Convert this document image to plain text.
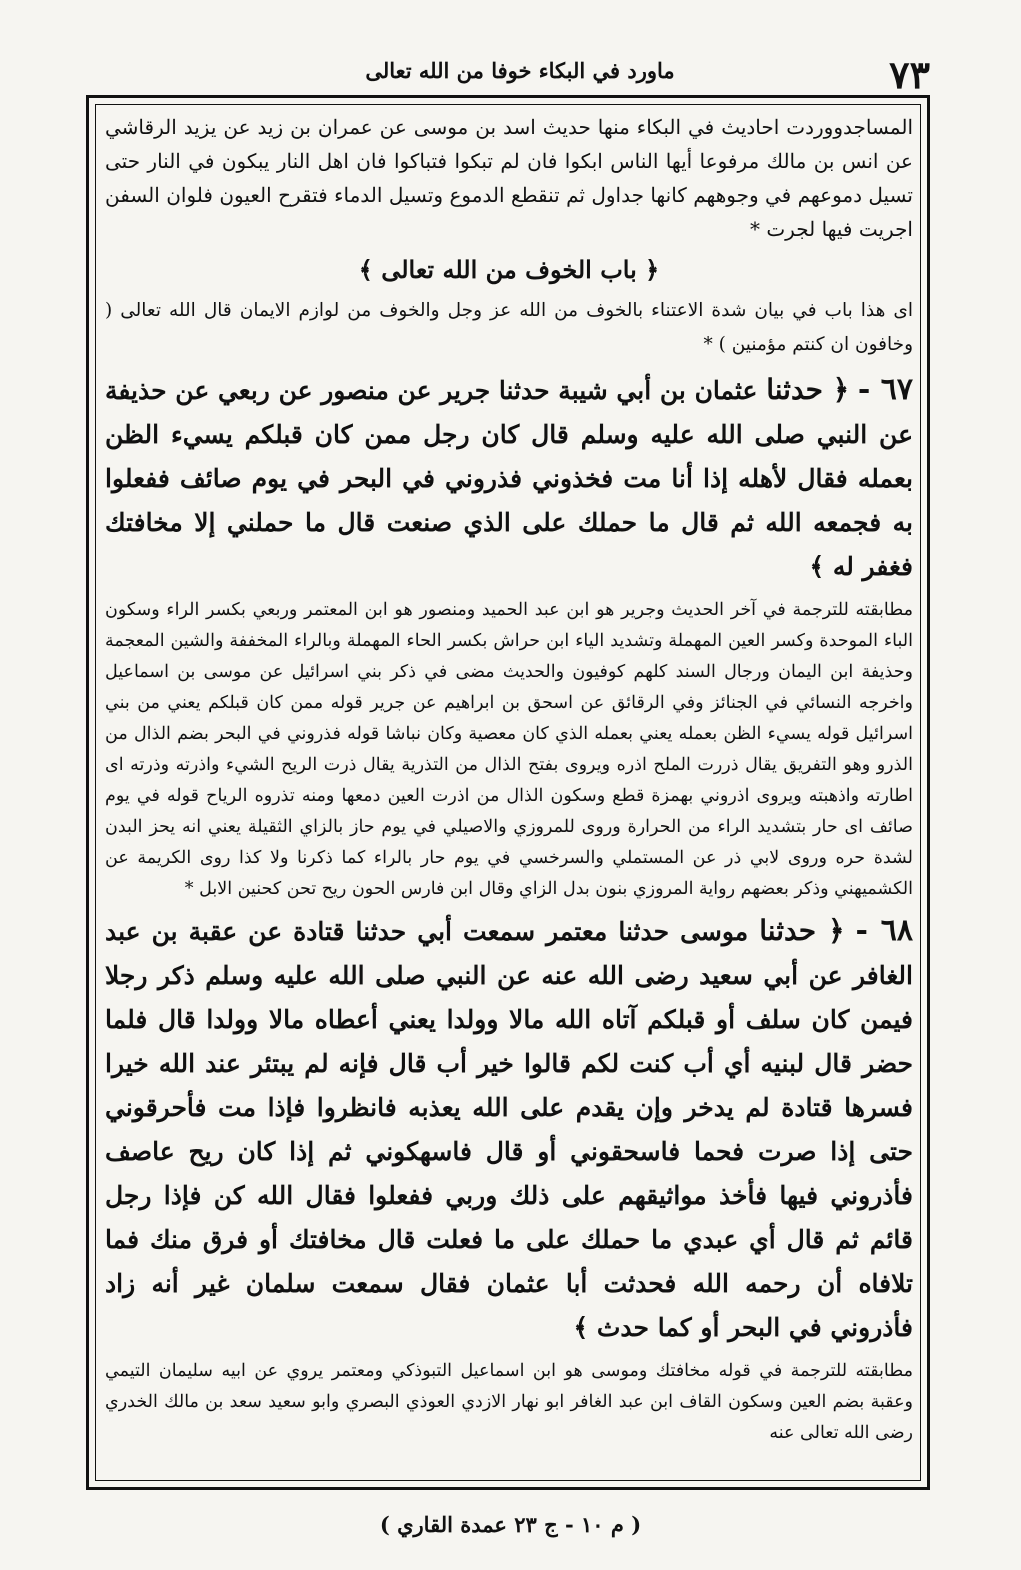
٧٣
ماورد في البكاء خوفا من الله تعالى

المساجدووردت احاديث في البكاء منها حديث اسد بن موسى عن عمران بن زيد عن يزيد الرقاشي عن انس بن مالك مرفوعا أيها الناس ابكوا فان لم تبكوا فتباكوا فان اهل النار يبكون في النار حتى تسيل دموعهم في وجوههم كانها جداول ثم تنقطع الدموع وتسيل الدماء فتقرح العيون فلوان السفن اجريت فيها لجرت *

﴿ باب الخوف من الله تعالى ﴾

اى هذا باب في بيان شدة الاعتناء بالخوف من الله عز وجل والخوف من لوازم الايمان قال الله تعالى ( وخافون ان كنتم مؤمنين ) *

٦٧ - ﴿ حدثنا عثمان بن أبي شيبة حدثنا جرير عن منصور عن ربعي عن حذيفة عن النبي صلى الله عليه وسلم قال كان رجل ممن كان قبلكم يسيء الظن بعمله فقال لأهله إذا أنا مت فخذوني فذروني في البحر في يوم صائف ففعلوا به فجمعه الله ثم قال ما حملك على الذي صنعت قال ما حملني إلا مخافتك فغفر له ﴾

مطابقته للترجمة في آخر الحديث وجرير هو ابن عبد الحميد ومنصور هو ابن المعتمر وربعي بكسر الراء وسكون الباء الموحدة وكسر العين المهملة وتشديد الياء ابن حراش بكسر الحاء المهملة وبالراء المخففة والشين المعجمة وحذيفة ابن اليمان ورجال السند كلهم كوفيون والحديث مضى في ذكر بني اسرائيل عن موسى بن اسماعيل واخرجه النسائي في الجنائز وفي الرقائق عن اسحق بن ابراهيم عن جرير قوله ممن كان قبلكم يعني من بني اسرائيل قوله يسيء الظن بعمله يعني بعمله الذي كان معصية وكان نباشا قوله فذروني في البحر بضم الذال من الذرو وهو التفريق يقال ذررت الملح اذره ويروى بفتح الذال من التذرية يقال ذرت الريح الشيء واذرته وذرته اى اطارته واذهبته ويروى اذروني بهمزة قطع وسكون الذال من اذرت العين دمعها ومنه تذروه الرياح قوله في يوم صائف اى حار بتشديد الراء من الحرارة وروى للمروزي والاصيلي في يوم حاز بالزاي الثقيلة يعني انه يحز البدن لشدة حره وروى لابي ذر عن المستملي والسرخسي في يوم حار بالراء كما ذكرنا ولا كذا روى الكريمة عن الكشميهني وذكر بعضهم رواية المروزي بنون بدل الزاي وقال ابن فارس الحون ريح تحن كحنين الابل *

٦٨ - ﴿ حدثنا موسى حدثنا معتمر سمعت أبي حدثنا قتادة عن عقبة بن عبد الغافر عن أبي سعيد رضى الله عنه عن النبي صلى الله عليه وسلم ذكر رجلا فيمن كان سلف أو قبلكم آتاه الله مالا وولدا يعني أعطاه مالا وولدا قال فلما حضر قال لبنيه أي أب كنت لكم قالوا خير أب قال فإنه لم يبتئر عند الله خيرا فسرها قتادة لم يدخر وإن يقدم على الله يعذبه فانظروا فإذا مت فأحرقوني حتى إذا صرت فحما فاسحقوني أو قال فاسهكوني ثم إذا كان ريح عاصف فأذروني فيها فأخذ مواثيقهم على ذلك وربي ففعلوا فقال الله كن فإذا رجل قائم ثم قال أي عبدي ما حملك على ما فعلت قال مخافتك أو فرق منك فما تلافاه أن رحمه الله فحدثت أبا عثمان فقال سمعت سلمان غير أنه زاد فأذروني في البحر أو كما حدث ﴾

مطابقته للترجمة في قوله مخافتك وموسى هو ابن اسماعيل التبوذكي ومعتمر يروي عن ابيه سليمان التيمي وعقبة بضم العين وسكون القاف ابن عبد الغافر ابو نهار الازدي العوذي البصري وابو سعيد سعد بن مالك الخدري رضى الله تعالى عنه

( م ١٠ - ج ٢٣ عمدة القاري )
